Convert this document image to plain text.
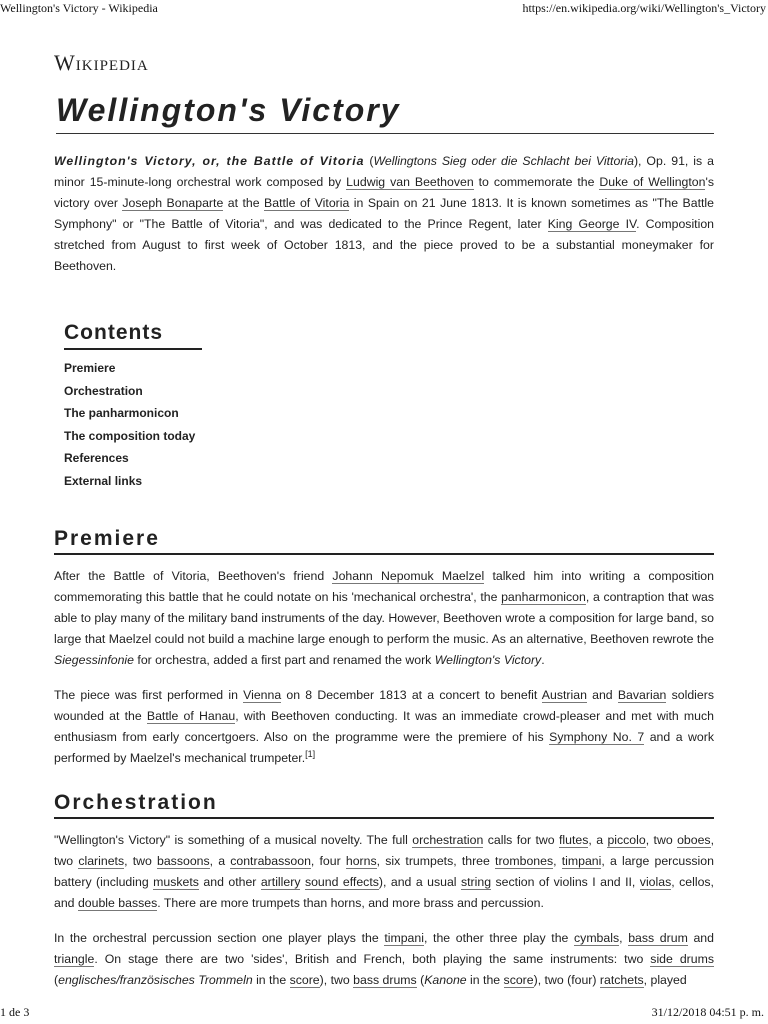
Wellington's Victory - Wikipedia	https://en.wikipedia.org/wiki/Wellington's_Victory
Wikipedia
Wellington's Victory

Wellington's Victory, or, the Battle of Vitoria (Wellingtons Sieg oder die Schlacht bei Vittoria), Op. 91, is a minor 15-minute-long orchestral work composed by Ludwig van Beethoven to commemorate the Duke of Wellington's victory over Joseph Bonaparte at the Battle of Vitoria in Spain on 21 June 1813. It is known sometimes as "The Battle Symphony" or "The Battle of Vitoria", and was dedicated to the Prince Regent, later King George IV. Composition stretched from August to first week of October 1813, and the piece proved to be a substantial moneymaker for Beethoven.

Contents
Premiere
Orchestration
The panharmonicon
The composition today
References
External links
Premiere

After the Battle of Vitoria, Beethoven's friend Johann Nepomuk Maelzel talked him into writing a composition commemorating this battle that he could notate on his 'mechanical orchestra', the panharmonicon, a contraption that was able to play many of the military band instruments of the day. However, Beethoven wrote a composition for large band, so large that Maelzel could not build a machine large enough to perform the music. As an alternative, Beethoven rewrote the Siegessinfonie for orchestra, added a first part and renamed the work Wellington's Victory.

The piece was first performed in Vienna on 8 December 1813 at a concert to benefit Austrian and Bavarian soldiers wounded at the Battle of Hanau, with Beethoven conducting. It was an immediate crowd-pleaser and met with much enthusiasm from early concertgoers. Also on the programme were the premiere of his Symphony No. 7 and a work performed by Maelzel's mechanical trumpeter.[1]

Orchestration

"Wellington's Victory" is something of a musical novelty. The full orchestration calls for two flutes, a piccolo, two oboes, two clarinets, two bassoons, a contrabassoon, four horns, six trumpets, three trombones, timpani, a large percussion battery (including muskets and other artillery sound effects), and a usual string section of violins I and II, violas, cellos, and double basses. There are more trumpets than horns, and more brass and percussion.

In the orchestral percussion section one player plays the timpani, the other three play the cymbals, bass drum and triangle. On stage there are two 'sides', British and French, both playing the same instruments: two side drums (englisches/französisches Trommeln in the score), two bass drums (Kanone in the score), two (four) ratchets, played

1 de 3	31/12/2018 04:51 p. m.
